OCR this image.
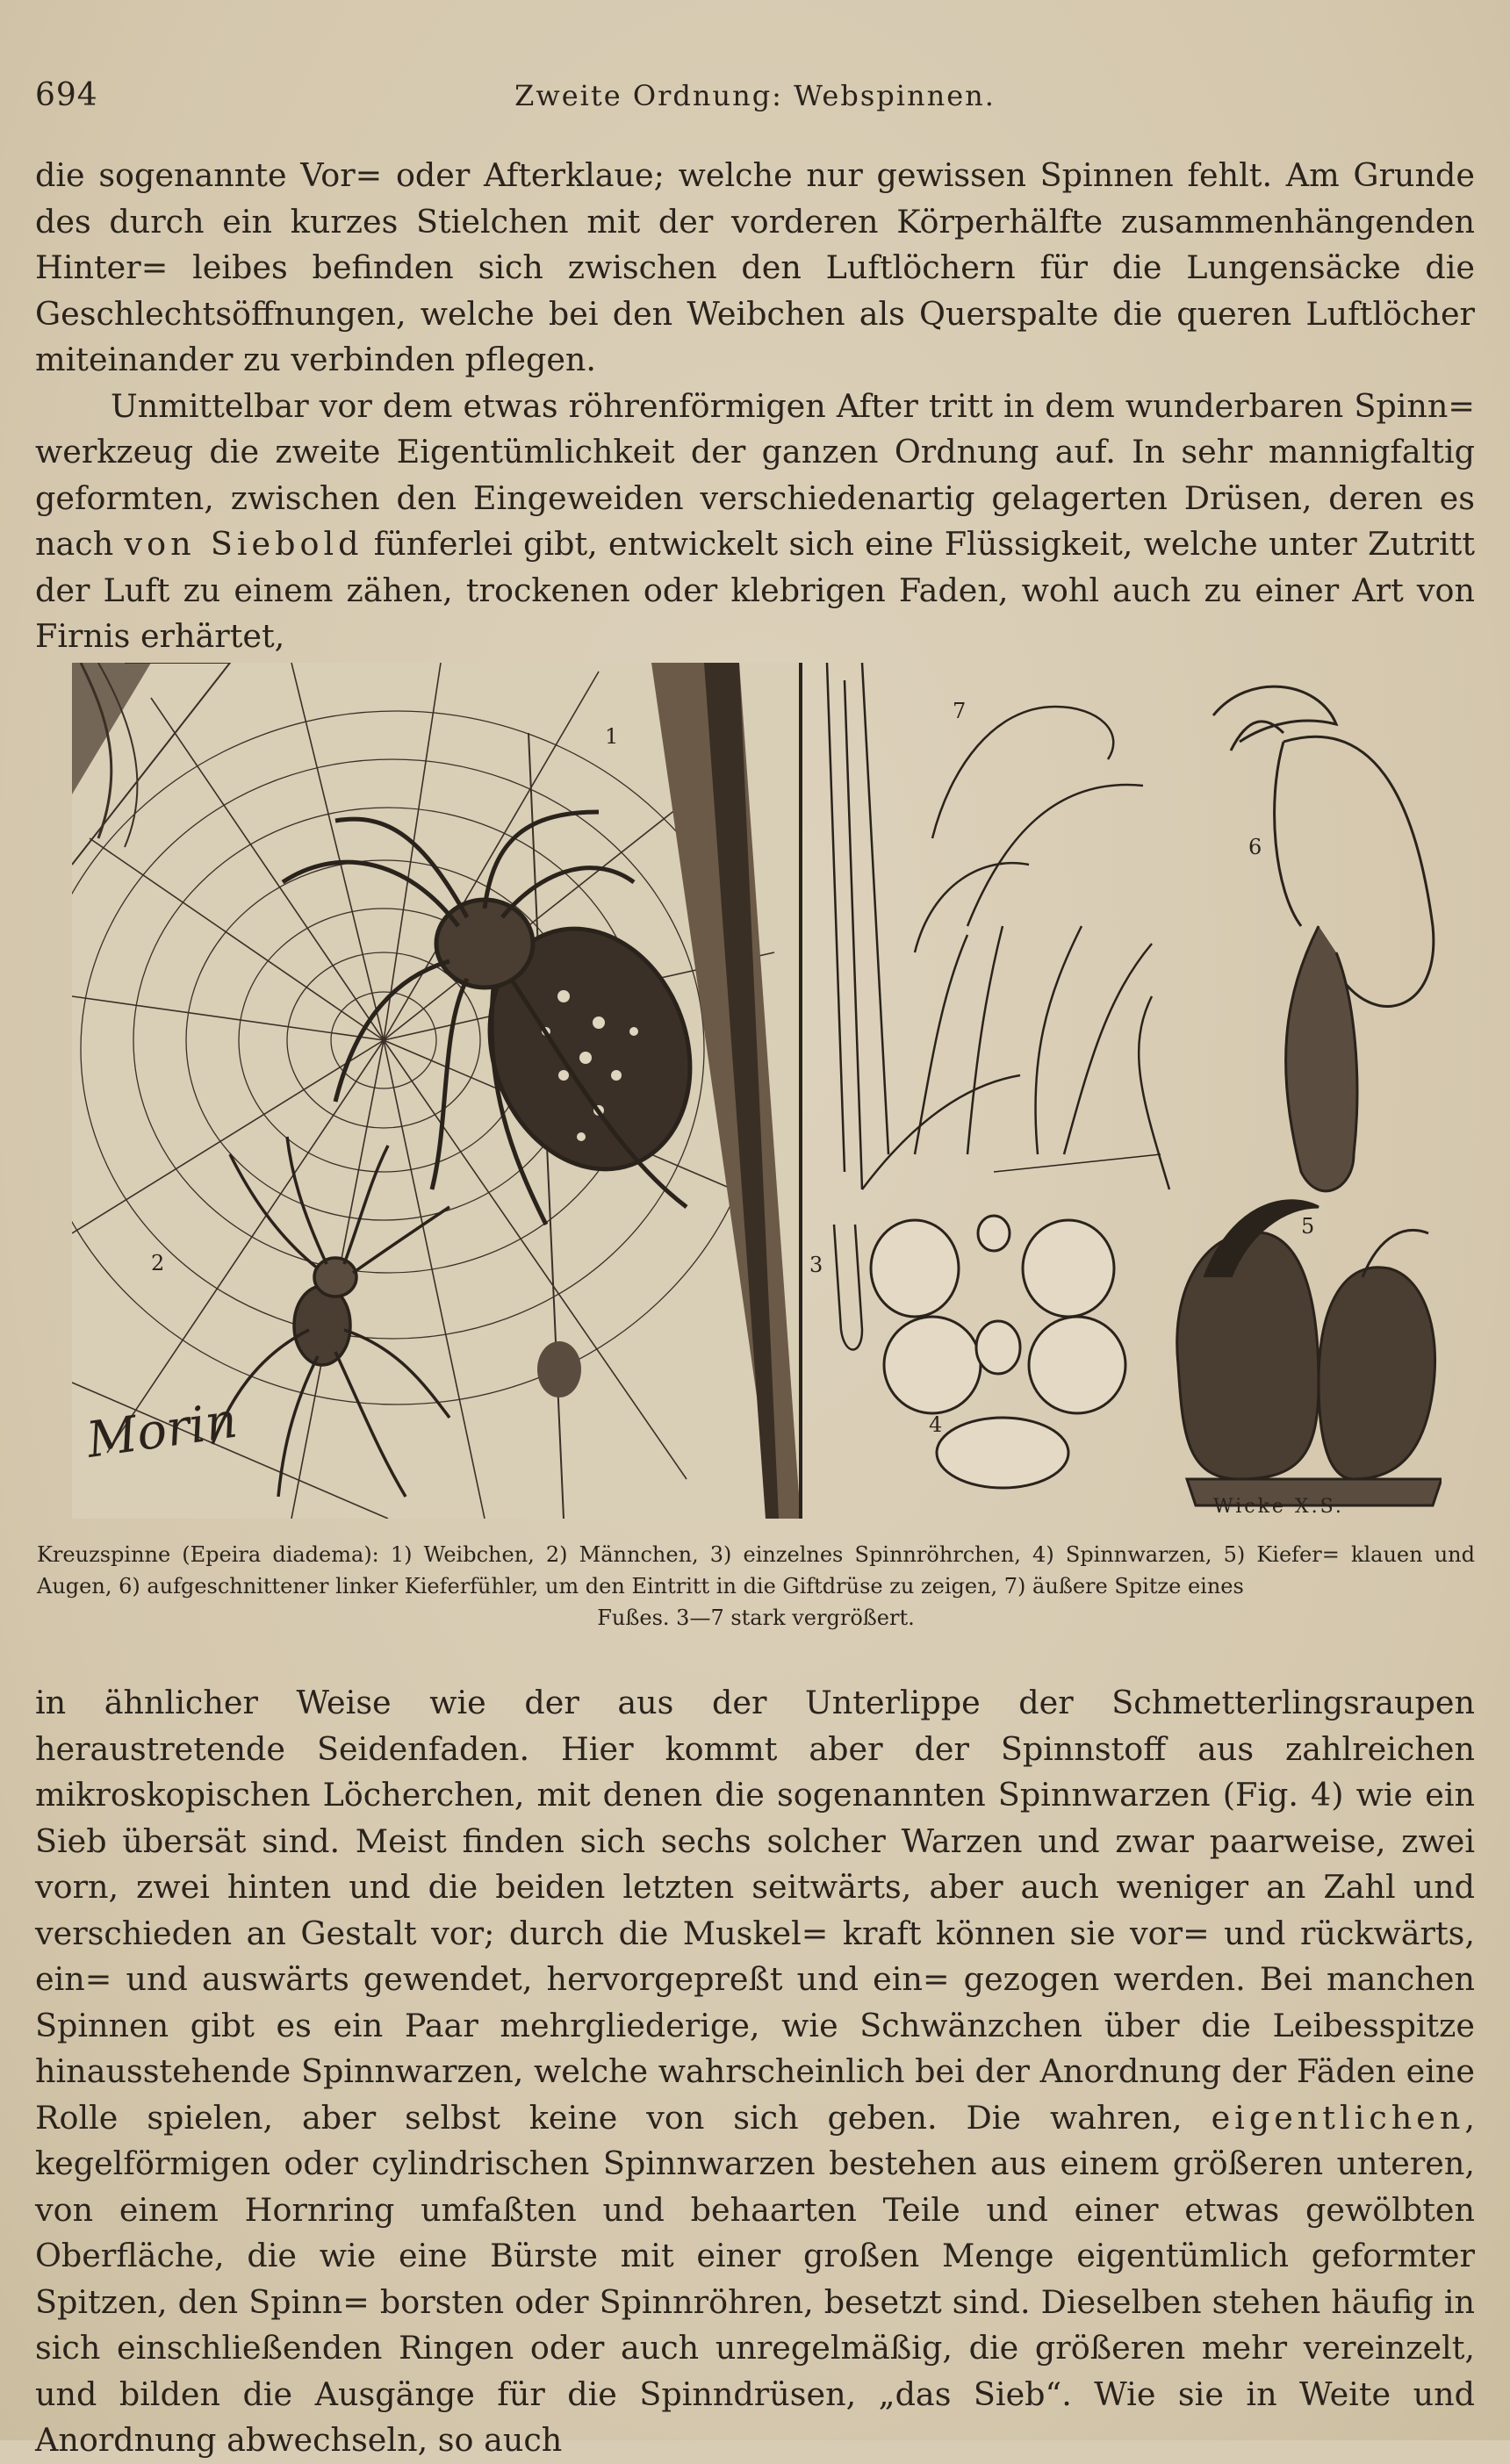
694	Zweite Ordnung: Webspinnen.

die sogenannte Vor= oder Afterklaue; welche nur gewissen Spinnen fehlt. Am Grunde des durch ein kurzes Stielchen mit der vorderen Körperhälfte zusammenhängenden Hinter= leibes befinden sich zwischen den Luftlöchern für die Lungensäcke die Geschlechtsöffnungen, welche bei den Weibchen als Querspalte die queren Luftlöcher miteinander zu verbinden pflegen.

Unmittelbar vor dem etwas röhrenförmigen After tritt in dem wunderbaren Spinn= werkzeug die zweite Eigentümlichkeit der ganzen Ordnung auf. In sehr mannigfaltig geformten, zwischen den Eingeweiden verschiedenartig gelagerten Drüsen, deren es nach von Siebold fünferlei gibt, entwickelt sich eine Flüssigkeit, welche unter Zutritt der Luft zu einem zähen, trockenen oder klebrigen Faden, wohl auch zu einer Art von Firnis erhärtet,

1
2	3
4
5
6
7
Morin
Wicke X.S.
Kreuzspinne (Epeira diadema): 1) Weibchen, 2) Männchen, 3) einzelnes Spinnröhrchen, 4) Spinnwarzen, 5) Kiefer= klauen und Augen, 6) aufgeschnittener linker Kieferfühler, um den Eintritt in die Giftdrüse zu zeigen, 7) äußere Spitze eines
Fußes. 3—7 stark vergrößert.

in ähnlicher Weise wie der aus der Unterlippe der Schmetterlingsraupen heraustretende Seidenfaden. Hier kommt aber der Spinnstoff aus zahlreichen mikroskopischen Löcherchen, mit denen die sogenannten Spinnwarzen (Fig. 4) wie ein Sieb übersät sind. Meist finden sich sechs solcher Warzen und zwar paarweise, zwei vorn, zwei hinten und die beiden letzten seitwärts, aber auch weniger an Zahl und verschieden an Gestalt vor; durch die Muskel= kraft können sie vor= und rückwärts, ein= und auswärts gewendet, hervorgepreßt und ein= gezogen werden. Bei manchen Spinnen gibt es ein Paar mehrgliederige, wie Schwänzchen über die Leibesspitze hinausstehende Spinnwarzen, welche wahrscheinlich bei der Anordnung der Fäden eine Rolle spielen, aber selbst keine von sich geben. Die wahren, eigentlichen, kegelförmigen oder cylindrischen Spinnwarzen bestehen aus einem größeren unteren, von einem Hornring umfaßten und behaarten Teile und einer etwas gewölbten Oberfläche, die wie eine Bürste mit einer großen Menge eigentümlich geformter Spitzen, den Spinn= borsten oder Spinnröhren, besetzt sind. Dieselben stehen häufig in sich einschließenden Ringen oder auch unregelmäßig, die größeren mehr vereinzelt, und bilden die Ausgänge für die Spinndrüsen, „das Sieb“. Wie sie in Weite und Anordnung abwechseln, so auch
